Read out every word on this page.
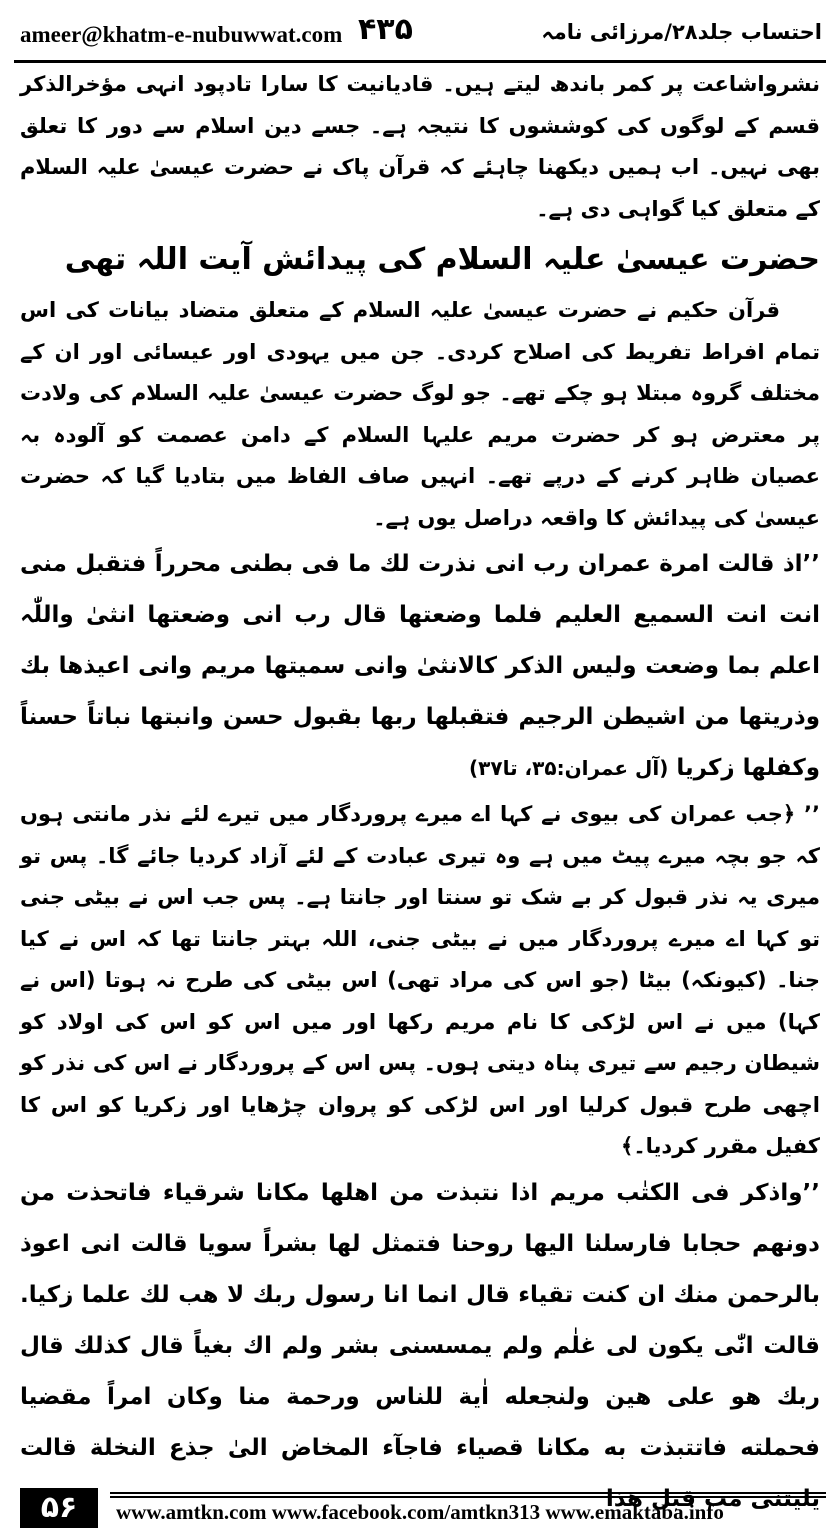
ameer@khatm-e-nubuwwat.com ۴۳۵	احتساب جلد۲۸/مرزائی نامہ

نشرواشاعت پر کمر باندھ لیتے ہیں۔ قادیانیت کا سارا تادپود انہی مؤخرالذکر قسم کے لوگوں کی کوششوں کا نتیجہ ہے۔ جسے دین اسلام سے دور کا تعلق بھی نہیں۔ اب ہمیں دیکھنا چاہئے کہ قرآن پاک نے حضرت عیسیٰ علیہ السلام کے متعلق کیا گواہی دی ہے۔

حضرت عیسیٰ علیہ السلام کی پیدائش آیت اللہ تھی

قرآن حکیم نے حضرت عیسیٰ علیہ السلام کے متعلق متضاد بیانات کی اس تمام افراط تفریط کی اصلاح کردی۔ جن میں یہودی اور عیسائی اور ان کے مختلف گروہ مبتلا ہو چکے تھے۔ جو لوگ حضرت عیسیٰ علیہ السلام کی ولادت پر معترض ہو کر حضرت مریم علیہا السلام کے دامن عصمت کو آلودہ بہ عصیان ظاہر کرنے کے درپے تھے۔ انہیں صاف الفاظ میں بتادیا گیا کہ حضرت عیسیٰ کی پیدائش کا واقعہ دراصل یوں ہے۔

’’اذ قالت امرة عمران رب انی نذرت لك ما فی بطنی محرراً فتقبل منی انت انت السمیع العلیم فلما وضعتها قال رب انی وضعتها انثیٰ واللّٰہ اعلم بما وضعت ولیس الذکر کالانثیٰ وانی سمیتها مریم وانی اعیذها بك وذریتها من اشیطن الرجیم فتقبلها ربها بقبول حسن وانبتها نباتاً حسناً وکفلها زکریا (آل عمران:۳۵، تا۳۷)

’’ ﴿جب عمران کی بیوی نے کہا اے میرے پروردگار میں تیرے لئے نذر مانتی ہوں کہ جو بچہ میرے پیٹ میں ہے وہ تیری عبادت کے لئے آزاد کردیا جائے گا۔ پس تو میری یہ نذر قبول کر بے شک تو سنتا اور جانتا ہے۔ پس جب اس نے بیٹی جنی تو کہا اے میرے پروردگار میں نے بیٹی جنی، اللہ بہتر جانتا تھا کہ اس نے کیا جنا۔ (کیونکہ) بیٹا (جو اس کی مراد تھی) اس بیٹی کی طرح نہ ہوتا (اس نے کہا) میں نے اس لڑکی کا نام مریم رکھا اور میں اس کو اس کی اولاد کو شیطان رجیم سے تیری پناہ دیتی ہوں۔ پس اس کے پروردگار نے اس کی نذر کو اچھی طرح قبول کرلیا اور اس لڑکی کو پروان چڑھایا اور زکریا کو اس کا کفیل مقرر کردیا۔﴾

’’واذکر فی الکتٰب مریم اذا نتبذت من اهلها مکانا شرقیاء فاتحذت من دونهم حجابا فارسلنا الیها روحنا فتمثل لها بشراً سویا قالت انی اعوذ بالرحمن منك ان کنت تقیاء قال انما انا رسول ربك لا هب لك علما زکیا. قالت انّٰی یکون لی غلٰم ولم یمسسنی بشر ولم اك بغیاً قال کذلك قال ربك هو علی هین ولنجعله اٰیة للناس ورحمة منا وکان امراً مقضیا فحملته فاتتبذت به مکانا قصیاء فاجآء المخاض الیٰ جذع النخلة قالت یلیتنی مت قبل هذا

۵۶	www.amtkn.com www.facebook.com/amtkn313 www.emaktaba.info
